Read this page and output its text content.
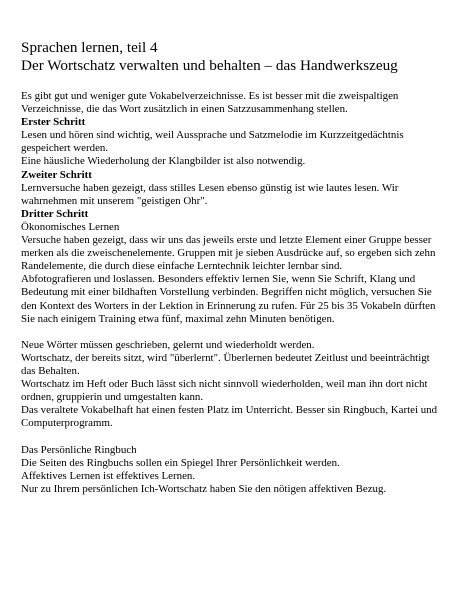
Sprachen lernen, teil 4
Der Wortschatz verwalten und behalten – das Handwerkszeug

Es gibt gut und weniger gute Vokabelverzeichnisse. Es ist besser mit die zweispaltigen Verzeichnisse, die das Wort zusätzlich in einen Satzzusammenhang stellen.

Erster Schritt

Lesen und hören sind wichtig, weil Aussprache und Satzmelodie im Kurzzeitgedächtnis gespeichert werden.

Eine häusliche Wiederholung der Klangbilder ist also notwendig.

Zweiter Schritt

Lernversuche haben gezeigt, dass stilles Lesen ebenso günstig ist wie lautes lesen. Wir wahrnehmen mit unserem "geistigen Ohr".

Dritter Schritt

Ökonomisches Lernen

Versuche haben gezeigt, dass wir uns das jeweils erste und letzte Element einer Gruppe besser merken als die zweischenelemente. Gruppen mit je sieben Ausdrücke auf, so ergeben sich zehn Randelemente, die durch diese einfache Lerntechnik leichter lernbar sind.

Abfotografieren und loslassen. Besonders effektiv lernen Sie, wenn Sie Schrift, Klang und Bedeutung mit einer bildhaften Vorstellung verbinden. Begriffen nicht möglich, versuchen Sie den Kontext des Worters in der Lektion in Erinnerung zu rufen. Für 25 bis 35 Vokabeln dürften Sie nach einigem Training etwa fünf, maximal zehn Minuten benötigen.

Neue Wörter müssen geschrieben, gelernt und wiederholdt werden.

Wortschatz, der bereits sitzt, wird "überlernt". Überlernen bedeutet Zeitlust und beeinträchtigt das Behalten.

Wortschatz im Heft oder Buch lässt sich nicht sinnvoll wiederholden, weil man ihn dort nicht ordnen, gruppierin und umgestalten kann.

Das veraltete Vokabelhaft hat einen festen Platz im Unterricht. Besser sin Ringbuch, Kartei und Computerprogramm.

Das Persönliche Ringbuch

Die Seiten des Ringbuchs sollen ein Spiegel Ihrer Persönlichkeit werden.

Affektives Lernen ist effektives Lernen.

Nur zu Ihrem persönlichen Ich-Wortschatz haben Sie den nötigen affektiven Bezug.
